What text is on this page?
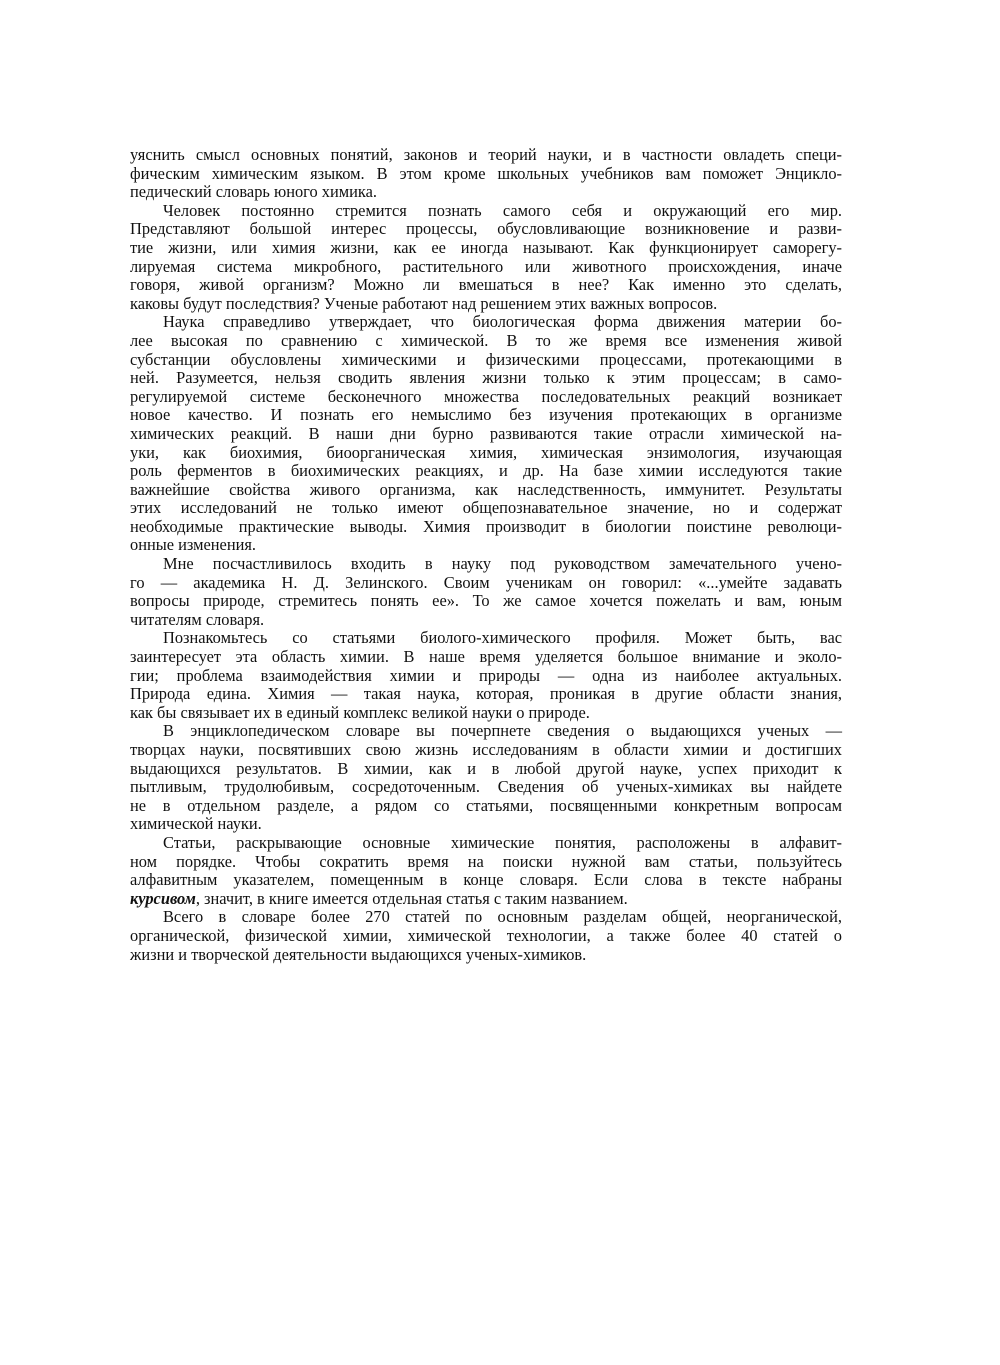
уяснить смысл основных понятий, законов и теорий науки, и в частности овладеть специ-
фическим химическим языком. В этом кроме школьных учебников вам поможет Энцикло-
педический словарь юного химика.

Человек постоянно стремится познать самого себя и окружающий его мир.
Представляют большой интерес процессы, обусловливающие возникновение и разви-
тие жизни, или химия жизни, как ее иногда называют. Как функционирует саморегу-
лируемая система микробного, растительного или животного происхождения, иначе
говоря, живой организм? Можно ли вмешаться в нее? Как именно это сделать,
каковы будут последствия? Ученые работают над решением этих важных вопросов.

Наука справедливо утверждает, что биологическая форма движения материи бо-
лее высокая по сравнению с химической. В то же время все изменения живой
субстанции обусловлены химическими и физическими процессами, протекающими в
ней. Разумеется, нельзя сводить явления жизни только к этим процессам; в само-
регулируемой системе бесконечного множества последовательных реакций возникает
новое качество. И познать его немыслимо без изучения протекающих в организме
химических реакций. В наши дни бурно развиваются такие отрасли химической на-
уки, как биохимия, биоорганическая химия, химическая энзимология, изучающая
роль ферментов в биохимических реакциях, и др. На базе химии исследуются такие
важнейшие свойства живого организма, как наследственность, иммунитет. Результаты
этих исследований не только имеют общепознавательное значение, но и содержат
необходимые практические выводы. Химия производит в биологии поистине революци-
онные изменения.

Мне посчастливилось входить в науку под руководством замечательного учено-
го — академика Н. Д. Зелинского. Своим ученикам он говорил: «...умейте задавать
вопросы природе, стремитесь понять ее». То же самое хочется пожелать и вам, юным
читателям словаря.

Познакомьтесь со статьями биолого-химического профиля. Может быть, вас
заинтересует эта область химии. В наше время уделяется большое внимание и эколо-
гии; проблема взаимодействия химии и природы — одна из наиболее актуальных.
Природа едина. Химия — такая наука, которая, проникая в другие области знания,
как бы связывает их в единый комплекс великой науки о природе.

В энциклопедическом словаре вы почерпнете сведения о выдающихся ученых —
творцах науки, посвятивших свою жизнь исследованиям в области химии и достигших
выдающихся результатов. В химии, как и в любой другой науке, успех приходит к
пытливым, трудолюбивым, сосредоточенным. Сведения об ученых-химиках вы найдете
не в отдельном разделе, а рядом со статьями, посвященными конкретным вопросам
химической науки.

Статьи, раскрывающие основные химические понятия, расположены в алфавит-
ном порядке. Чтобы сократить время на поиски нужной вам статьи, пользуйтесь
алфавитным указателем, помещенным в конце словаря. Если слова в тексте набраны
курсивом, значит, в книге имеется отдельная статья с таким названием.

Всего в словаре более 270 статей по основным разделам общей, неорганической,
органической, физической химии, химической технологии, а также более 40 статей о
жизни и творческой деятельности выдающихся ученых-химиков.
